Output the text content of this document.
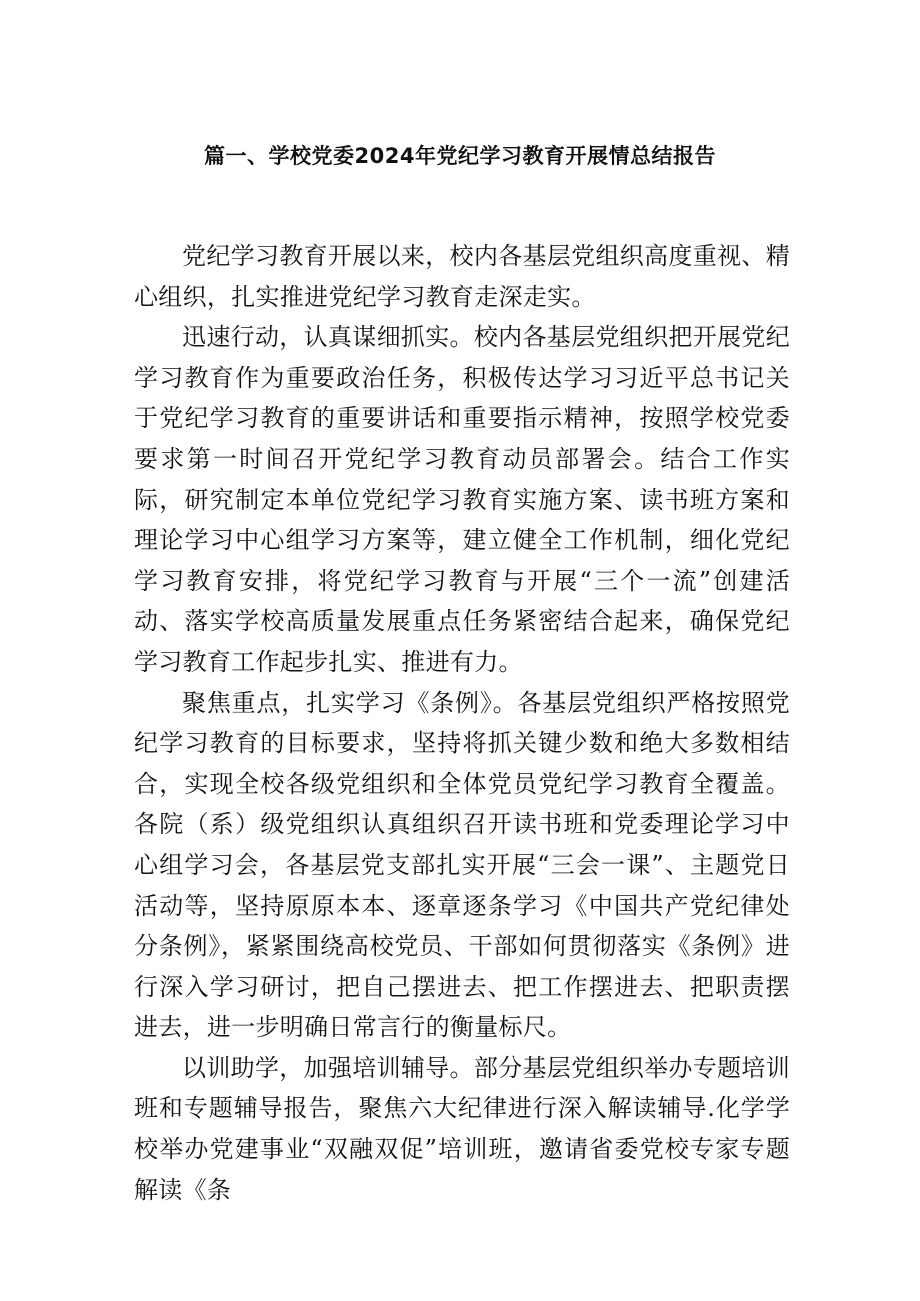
篇一、学校党委2024年党纪学习教育开展情总结报告

党纪学习教育开展以来，校内各基层党组织高度重视、精心组织，扎实推进党纪学习教育走深走实。

迅速行动，认真谋细抓实。校内各基层党组织把开展党纪学习教育作为重要政治任务，积极传达学习习近平总书记关于党纪学习教育的重要讲话和重要指示精神，按照学校党委要求第一时间召开党纪学习教育动员部署会。结合工作实际，研究制定本单位党纪学习教育实施方案、读书班方案和理论学习中心组学习方案等，建立健全工作机制，细化党纪学习教育安排，将党纪学习教育与开展“三个一流”创建活动、落实学校高质量发展重点任务紧密结合起来，确保党纪学习教育工作起步扎实、推进有力。

聚焦重点，扎实学习《条例》。各基层党组织严格按照党纪学习教育的目标要求，坚持将抓关键少数和绝大多数相结合，实现全校各级党组织和全体党员党纪学习教育全覆盖。各院（系）级党组织认真组织召开读书班和党委理论学习中心组学习会，各基层党支部扎实开展“三会一课”、主题党日活动等，坚持原原本本、逐章逐条学习《中国共产党纪律处分条例》，紧紧围绕高校党员、干部如何贯彻落实《条例》进行深入学习研讨，把自己摆进去、把工作摆进去、把职责摆进去，进一步明确日常言行的衡量标尺。

以训助学，加强培训辅导。部分基层党组织举办专题培训班和专题辅导报告，聚焦六大纪律进行深入解读辅导.化学学校举办党建事业“双融双促”培训班，邀请省委党校专家专题解读《条
